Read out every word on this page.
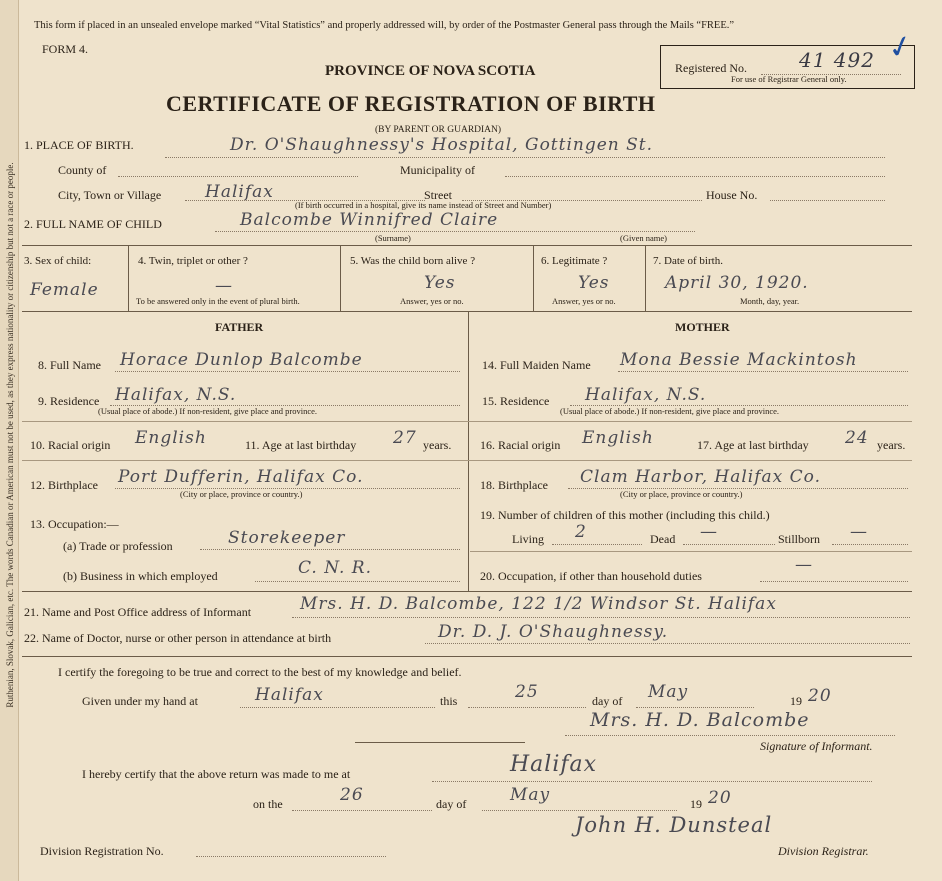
Ruthenian, Slovak, Galician, etc. The words Canadian or American must not be used, as they express nationality or citizenship but not a race or people.
This form if placed in an unsealed envelope marked “Vital Statistics” and properly addressed will, by order of the Postmaster General pass through the Mails “FREE.”
FORM 4.
PROVINCE OF NOVA SCOTIA
CERTIFICATE OF REGISTRATION OF BIRTH
(BY PARENT OR GUARDIAN)
Registered No.	41 492
For use of Registrar General only.
✓
1. PLACE OF BIRTH.	Dr. O'Shaughnessy's Hospital, Gottingen St.
County of	Municipality of
City, Town or Village	Halifax	Street	House No.
(If birth occurred in a hospital, give its name instead of Street and Number)
2. FULL NAME OF CHILD	Balcombe Winnifred Claire
(Surname)	(Given name)
3. Sex of child:
Female
4. Twin, triplet or other ?
—
To be answered only in the event of plural birth.
5. Was the child born alive ?
Yes
Answer, yes or no.
6. Legitimate ?
Yes
Answer, yes or no.
7. Date of birth.
April 30, 1920.
Month, day, year.
FATHER	MOTHER
8. Full Name Horace Dunlop Balcombe	14. Full Maiden Name Mona Bessie Mackintosh
9. Residence Halifax, N.S.
(Usual place of abode.) If non-resident, give place and province.
15. Residence Halifax, N.S.
(Usual place of abode.) If non-resident, give place and province.
10. Racial origin English	11. Age at last birthday 27 years. 16. Racial origin English	17. Age at last birthday 24 years.
12. Birthplace Port Dufferin, Halifax Co.
(City or place, province or country.)
18. Birthplace Clam Harbor, Halifax Co.
(City or place, province or country.)
13. Occupation:—
19. Number of children of this mother (including this child.)
(a) Trade or profession	Storekeeper	Living 2	Dead —	Stillborn —
(b) Business in which employed	C. N. R.	20. Occupation, if other than household duties
—
21. Name and Post Office address of Informant	Mrs. H. D. Balcombe, 122 1/2 Windsor St. Halifax
22. Name of Doctor, nurse or other person in attendance at birth	Dr. D. J. O'Shaughnessy.
I certify the foregoing to be true and correct to the best of my knowledge and belief.
Given under my hand at	Halifax	this	25	day of May	19 20
Mrs. H. D. Balcombe
Signature of Informant.
I hereby certify that the above return was made to me at	Halifax
on the	26	day of	May	19 20
John H. Dunsteal
Division Registration No.	Division Registrar.
